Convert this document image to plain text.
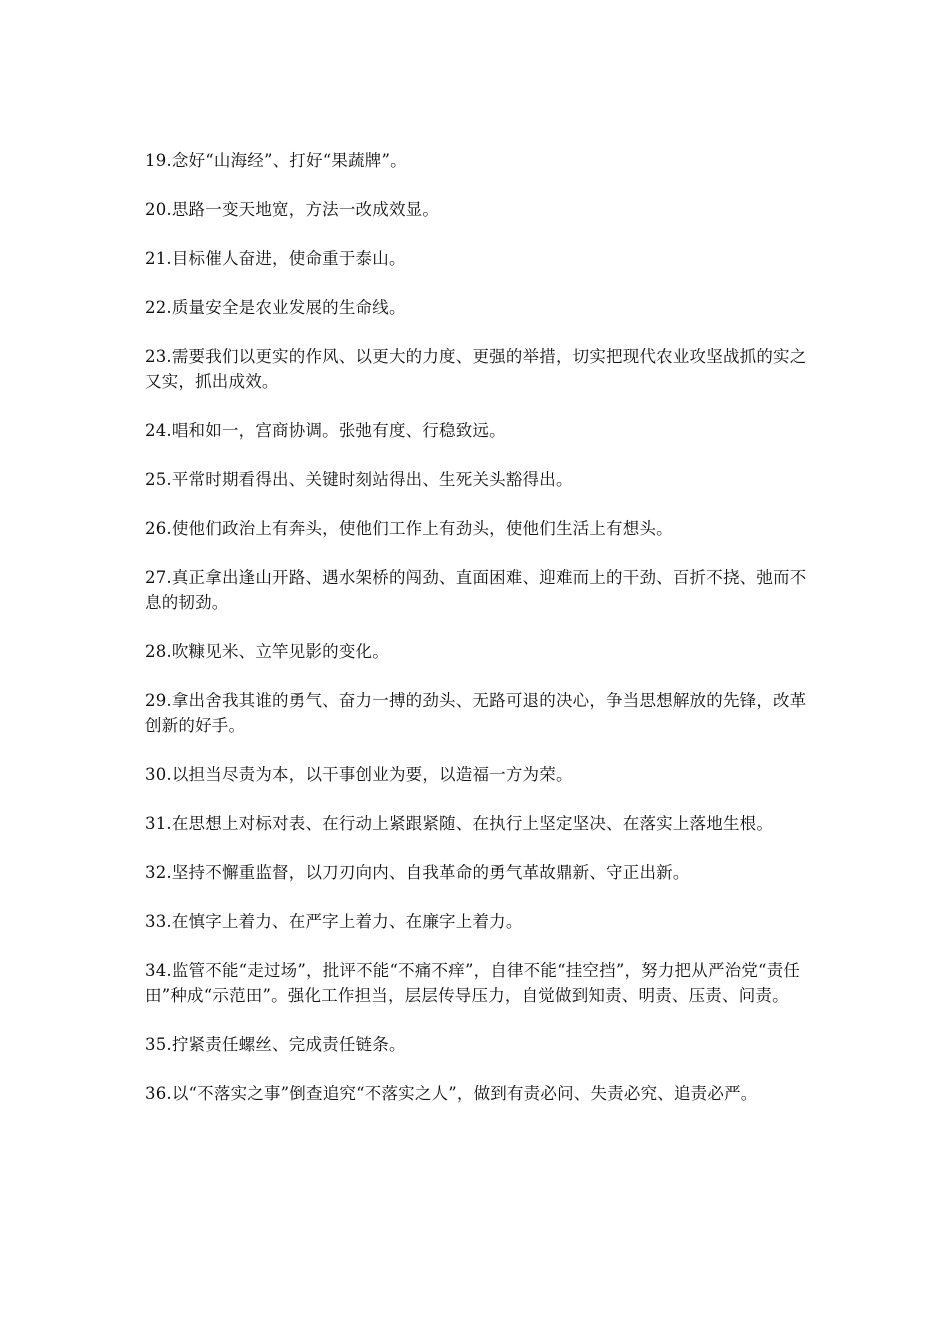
19.念好“山海经”、打好“果蔬牌”。

20.思路一变天地宽，方法一改成效显。

21.目标催人奋进，使命重于泰山。

22.质量安全是农业发展的生命线。

23.需要我们以更实的作风、以更大的力度、更强的举措，切实把现代农业攻坚战抓的实之又实，抓出成效。

24.唱和如一，宫商协调。张弛有度、行稳致远。

25.平常时期看得出、关键时刻站得出、生死关头豁得出。

26.使他们政治上有奔头，使他们工作上有劲头，使他们生活上有想头。

27.真正拿出逢山开路、遇水架桥的闯劲、直面困难、迎难而上的干劲、百折不挠、弛而不息的韧劲。

28.吹糠见米、立竿见影的变化。

29.拿出舍我其谁的勇气、奋力一搏的劲头、无路可退的决心，争当思想解放的先锋，改革创新的好手。

30.以担当尽责为本，以干事创业为要，以造福一方为荣。

31.在思想上对标对表、在行动上紧跟紧随、在执行上坚定坚决、在落实上落地生根。

32.坚持不懈重监督，以刀刃向内、自我革命的勇气革故鼎新、守正出新。

33.在慎字上着力、在严字上着力、在廉字上着力。

34.监管不能“走过场”，批评不能“不痛不痒”，自律不能“挂空挡”，努力把从严治党“责任田”种成“示范田”。强化工作担当，层层传导压力，自觉做到知责、明责、压责、问责。

35.拧紧责任螺丝、完成责任链条。

36.以“不落实之事”倒查追究“不落实之人”，做到有责必问、失责必究、追责必严。
